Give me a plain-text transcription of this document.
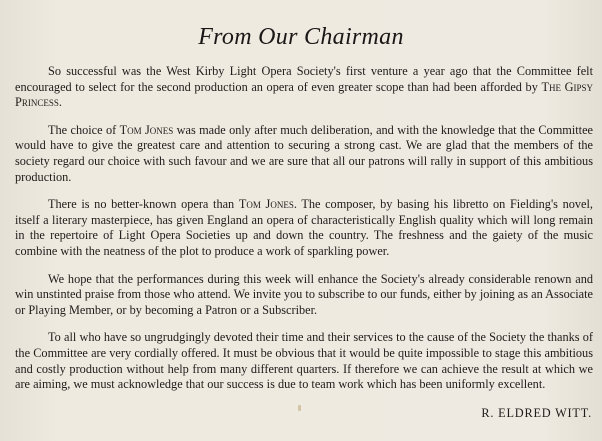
From Our Chairman

So successful was the West Kirby Light Opera Society's first venture a year ago that the Committee felt encouraged to select for the second production an opera of even greater scope than had been afforded by The Gipsy Princess.

The choice of Tom Jones was made only after much deliberation, and with the knowledge that the Committee would have to give the greatest care and attention to securing a strong cast. We are glad that the members of the society regard our choice with such favour and we are sure that all our patrons will rally in support of this ambitious production.

There is no better-known opera than Tom Jones. The composer, by basing his libretto on Fielding's novel, itself a literary masterpiece, has given England an opera of characteristically English quality which will long remain in the repertoire of Light Opera Societies up and down the country. The freshness and the gaiety of the music combine with the neatness of the plot to produce a work of sparkling power.

We hope that the performances during this week will enhance the Society's already considerable renown and win unstinted praise from those who attend. We invite you to subscribe to our funds, either by joining as an Associate or Playing Member, or by becoming a Patron or a Subscriber.

To all who have so ungrudgingly devoted their time and their services to the cause of the Society the thanks of the Committee are very cordially offered. It must be obvious that it would be quite impossible to stage this ambitious and costly production without help from many different quarters. If therefore we can achieve the result at which we are aiming, we must acknowledge that our success is due to team work which has been uniformly excellent.

R. ELDRED WITT.
